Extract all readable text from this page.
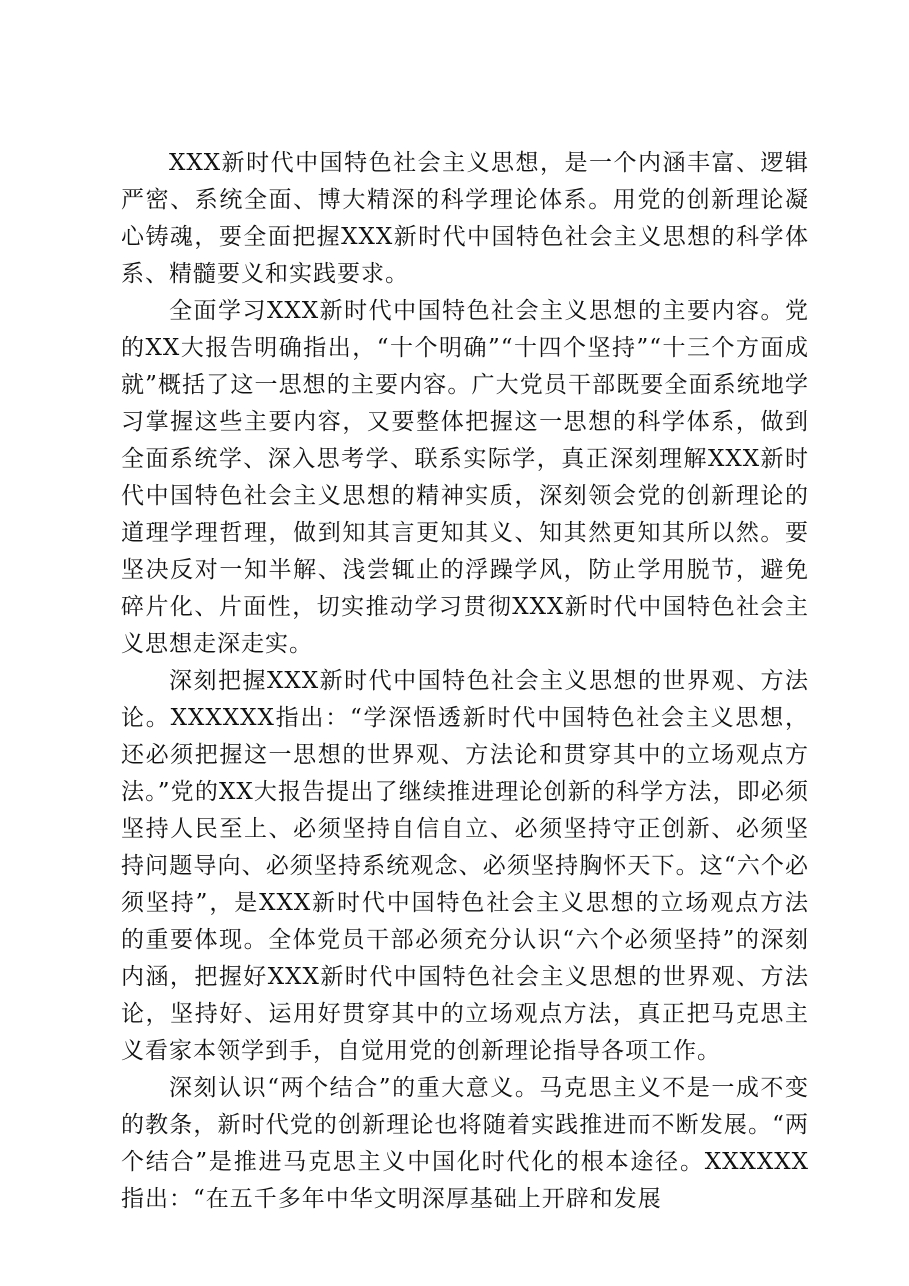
XXX新时代中国特色社会主义思想，是一个内涵丰富、逻辑严密、系统全面、博大精深的科学理论体系。用党的创新理论凝心铸魂，要全面把握XXX新时代中国特色社会主义思想的科学体系、精髓要义和实践要求。

全面学习XXX新时代中国特色社会主义思想的主要内容。党的XX大报告明确指出，“十个明确”“十四个坚持”“十三个方面成就”概括了这一思想的主要内容。广大党员干部既要全面系统地学习掌握这些主要内容，又要整体把握这一思想的科学体系，做到全面系统学、深入思考学、联系实际学，真正深刻理解XXX新时代中国特色社会主义思想的精神实质，深刻领会党的创新理论的道理学理哲理，做到知其言更知其义、知其然更知其所以然。要坚决反对一知半解、浅尝辄止的浮躁学风，防止学用脱节，避免碎片化、片面性，切实推动学习贯彻XXX新时代中国特色社会主义思想走深走实。

深刻把握XXX新时代中国特色社会主义思想的世界观、方法论。XXXXXX指出：“学深悟透新时代中国特色社会主义思想，还必须把握这一思想的世界观、方法论和贯穿其中的立场观点方法。”党的XX大报告提出了继续推进理论创新的科学方法，即必须坚持人民至上、必须坚持自信自立、必须坚持守正创新、必须坚持问题导向、必须坚持系统观念、必须坚持胸怀天下。这“六个必须坚持”，是XXX新时代中国特色社会主义思想的立场观点方法的重要体现。全体党员干部必须充分认识“六个必须坚持”的深刻内涵，把握好XXX新时代中国特色社会主义思想的世界观、方法论，坚持好、运用好贯穿其中的立场观点方法，真正把马克思主义看家本领学到手，自觉用党的创新理论指导各项工作。

深刻认识“两个结合”的重大意义。马克思主义不是一成不变的教条，新时代党的创新理论也将随着实践推进而不断发展。“两个结合”是推进马克思主义中国化时代化的根本途径。XXXXXX指出：“在五千多年中华文明深厚基础上开辟和发展
